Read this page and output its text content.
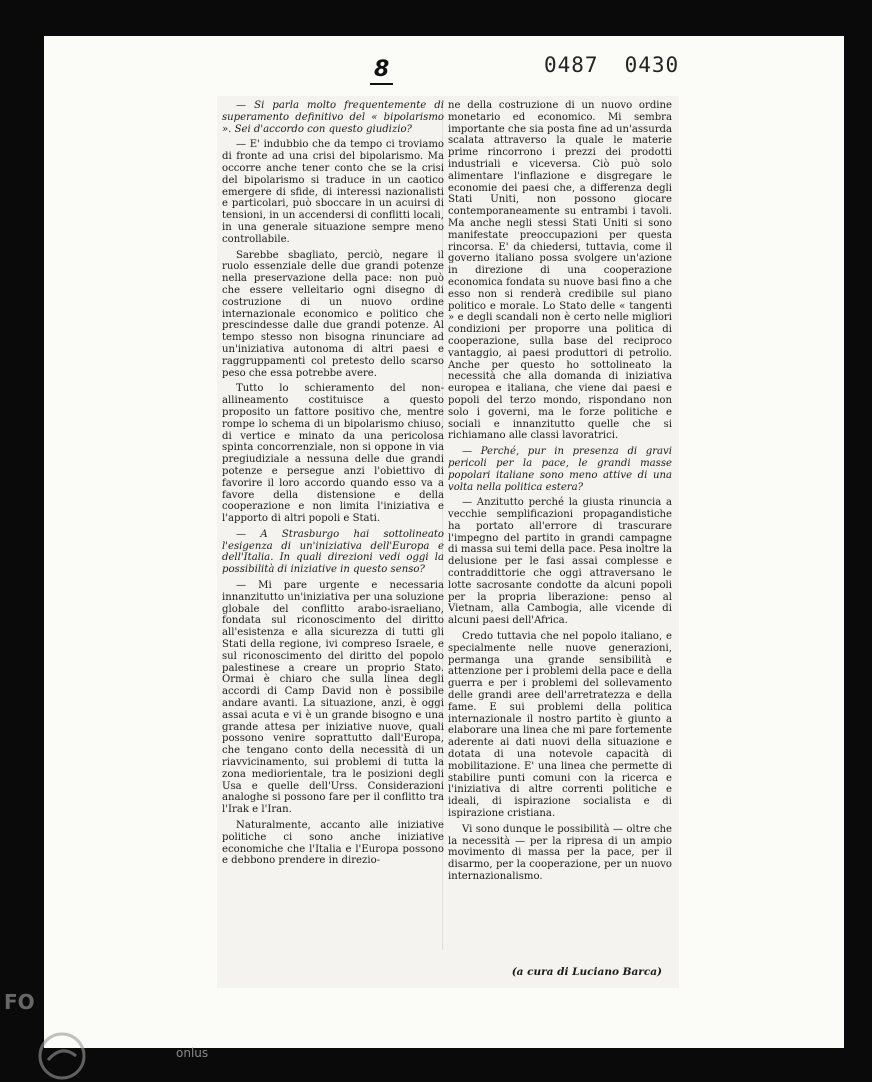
8	0487 0430

— Si parla molto frequentemente di superamento definitivo del « bipolarismo ». Sei d'accordo con questo giudizio?

— E' indubbio che da tempo ci troviamo di fronte ad una crisi del bipolarismo. Ma occorre anche tener conto che se la crisi del bipolarismo si traduce in un caotico emergere di sfide, di interessi nazionalisti e particolari, può sboccare in un acuirsi di tensioni, in un accendersi di conflitti locali, in una generale situazione sempre meno controllabile.

Sarebbe sbagliato, perciò, negare il ruolo essenziale delle due grandi potenze nella preservazione della pace: non può che essere velleitario ogni disegno di costruzione di un nuovo ordine internazionale economico e politico che prescindesse dalle due grandi potenze. Al tempo stesso non bisogna rinunciare ad un'iniziativa autonoma di altri paesi e raggruppamenti col pretesto dello scarso peso che essa potrebbe avere.

Tutto lo schieramento del non-allineamento costituisce a questo proposito un fattore positivo che, mentre rompe lo schema di un bipolarismo chiuso, di vertice e minato da una pericolosa spinta concorrenziale, non si oppone in via pregiudiziale a nessuna delle due grandi potenze e persegue anzi l'obiettivo di favorire il loro accordo quando esso va a favore della distensione e della cooperazione e non limita l'iniziativa e l'apporto di altri popoli e Stati.

— A Strasburgo hai sottolineato l'esigenza di un'iniziativa dell'Europa e dell'Italia. In quali direzioni vedi oggi la possibilità di iniziative in questo senso?

— Mi pare urgente e necessaria innanzitutto un'iniziativa per una soluzione globale del conflitto arabo-israeliano, fondata sul riconoscimento del diritto all'esistenza e alla sicurezza di tutti gli Stati della regione, ivi compreso Israele, e sul riconoscimento del diritto del popolo palestinese a creare un proprio Stato. Ormai è chiaro che sulla linea degli accordi di Camp David non è possibile andare avanti. La situazione, anzi, è oggi assai acuta e vi è un grande bisogno e una grande attesa per iniziative nuove, quali possono venire soprattutto dall'Europa, che tengano conto della necessità di un riavvicinamento, sui problemi di tutta la zona mediorientale, tra le posizioni degli Usa e quelle dell'Urss. Considerazioni analoghe si possono fare per il conflitto tra l'Irak e l'Iran.

Naturalmente, accanto alle iniziative politiche ci sono anche iniziative economiche che l'Italia e l'Europa possono e debbono prendere in direzio-

ne della costruzione di un nuovo ordine monetario ed economico. Mi sembra importante che sia posta fine ad un'assurda scalata attraverso la quale le materie prime rincorrono i prezzi dei prodotti industriali e viceversa. Ciò può solo alimentare l'inflazione e disgregare le economie dei paesi che, a differenza degli Stati Uniti, non possono giocare contemporaneamente su entrambi i tavoli. Ma anche negli stessi Stati Uniti si sono manifestate preoccupazioni per questa rincorsa. E' da chiedersi, tuttavia, come il governo italiano possa svolgere un'azione in direzione di una cooperazione economica fondata su nuove basi fino a che esso non si renderà credibile sul piano politico e morale. Lo Stato delle « tangenti » e degli scandali non è certo nelle migliori condizioni per proporre una politica di cooperazione, sulla base del reciproco vantaggio, ai paesi produttori di petrolio. Anche per questo ho sottolineato la necessità che alla domanda di iniziativa europea e italiana, che viene dai paesi e popoli del terzo mondo, rispondano non solo i governi, ma le forze politiche e sociali e innanzitutto quelle che si richiamano alle classi lavoratrici.

— Perché, pur in presenza di gravi pericoli per la pace, le grandi masse popolari italiane sono meno attive di una volta nella politica estera?

— Anzitutto perché la giusta rinuncia a vecchie semplificazioni propagandistiche ha portato all'errore di trascurare l'impegno del partito in grandi campagne di massa sui temi della pace. Pesa inoltre la delusione per le fasi assai complesse e contraddittorie che oggi attraversano le lotte sacrosante condotte da alcuni popoli per la propria liberazione: penso al Vietnam, alla Cambogia, alle vicende di alcuni paesi dell'Africa.

Credo tuttavia che nel popolo italiano, e specialmente nelle nuove generazioni, permanga una grande sensibilità e attenzione per i problemi della pace e della guerra e per i problemi del sollevamento delle grandi aree dell'arretratezza e della fame. E sui problemi della politica internazionale il nostro partito è giunto a elaborare una linea che mi pare fortemente aderente ai dati nuovi della situazione e dotata di una notevole capacità di mobilitazione. E' una linea che permette di stabilire punti comuni con la ricerca e l'iniziativa di altre correnti politiche e ideali, di ispirazione socialista e di ispirazione cristiana.

Vi sono dunque le possibilità — oltre che la necessità — per la ripresa di un ampio movimento di massa per la pace, per il disarmo, per la cooperazione, per un nuovo internazionalismo.

(a cura di Luciano Barca)
FO
onlus
